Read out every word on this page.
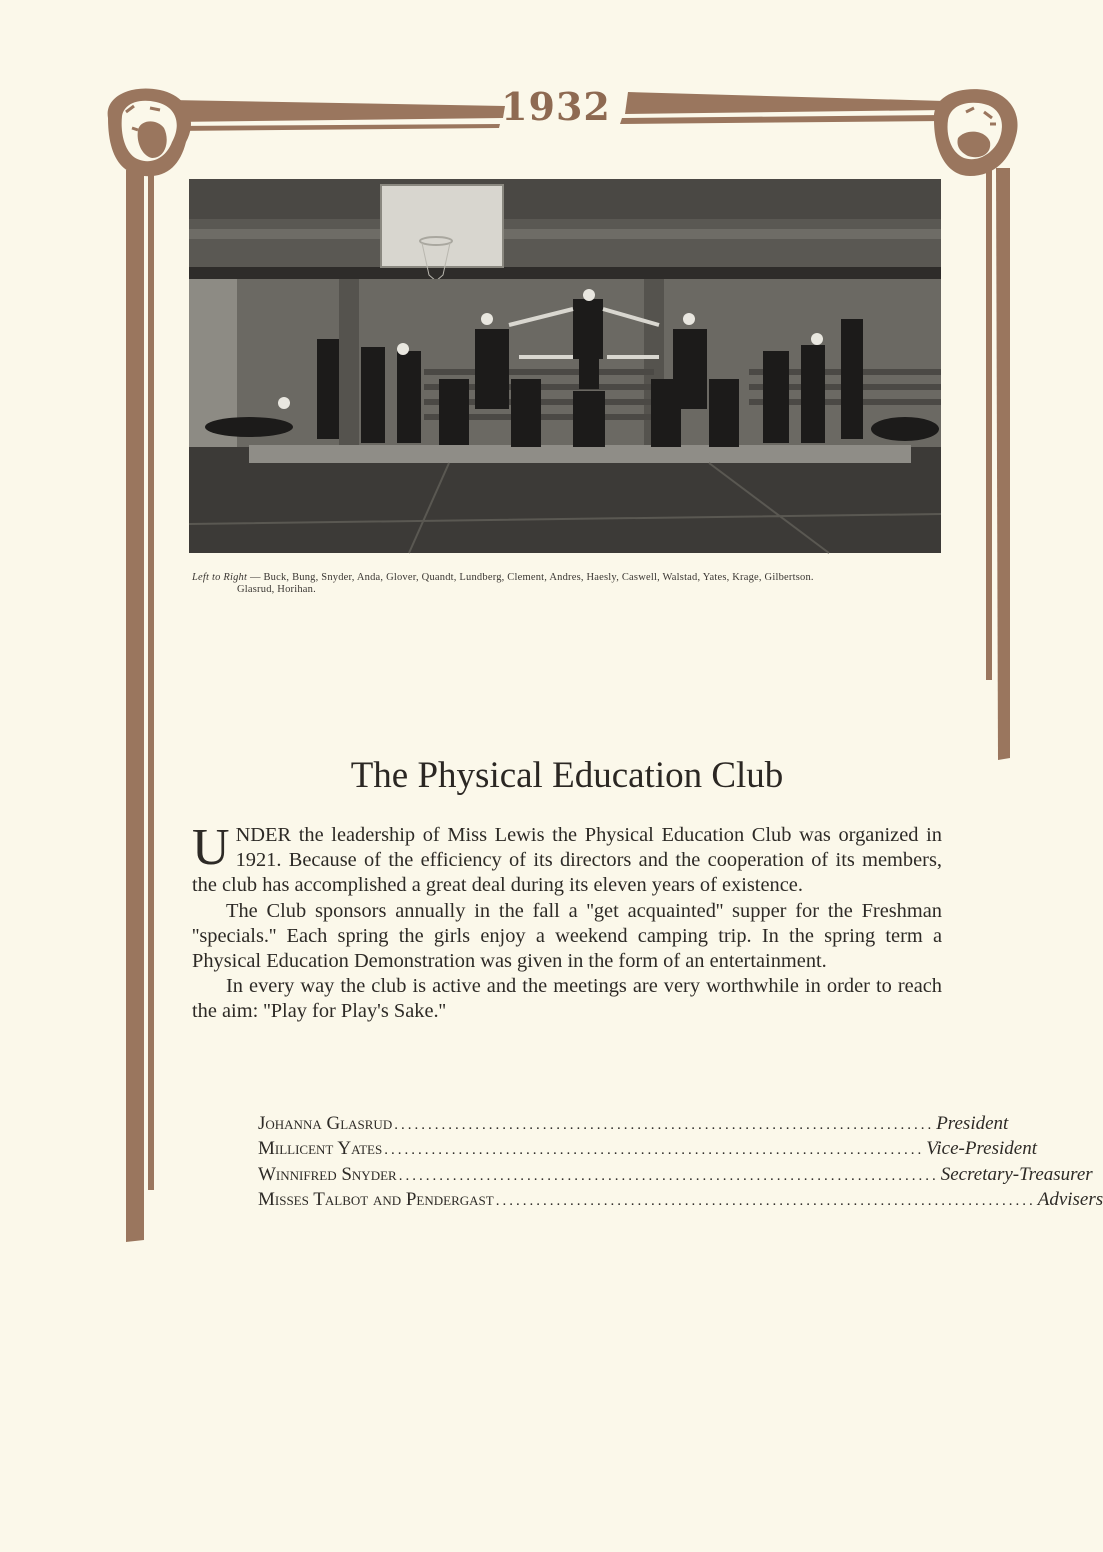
1932
Left to Right — Buck, Bung, Snyder, Anda, Glover, Quandt, Lundberg, Clement, Andres, Haesly, Caswell, Walstad, Yates, Krage, Gilbertson.
Glasrud, Horihan.
The Physical Education Club

UNDER the leadership of Miss Lewis the Physical Education Club was organized in 1921. Because of the efficiency of its directors and the cooperation of its members, the club has accomplished a great deal during its eleven years of existence.

The Club sponsors annually in the fall a ''get acquainted'' supper for the Freshman ''specials.'' Each spring the girls enjoy a weekend camping trip. In the spring term a Physical Education Demonstration was given in the form of an entertainment.

In every way the club is active and the meetings are very worthwhile in order to reach the aim: ''Play for Play's Sake.''

Johanna Glasrud ................................................................................ President
Millicent Yates ................................................................................ Vice-President
Winnifred Snyder ................................................................................ Secretary-Treasurer
Misses Talbot and Pendergast ................................................................................ Advisers
